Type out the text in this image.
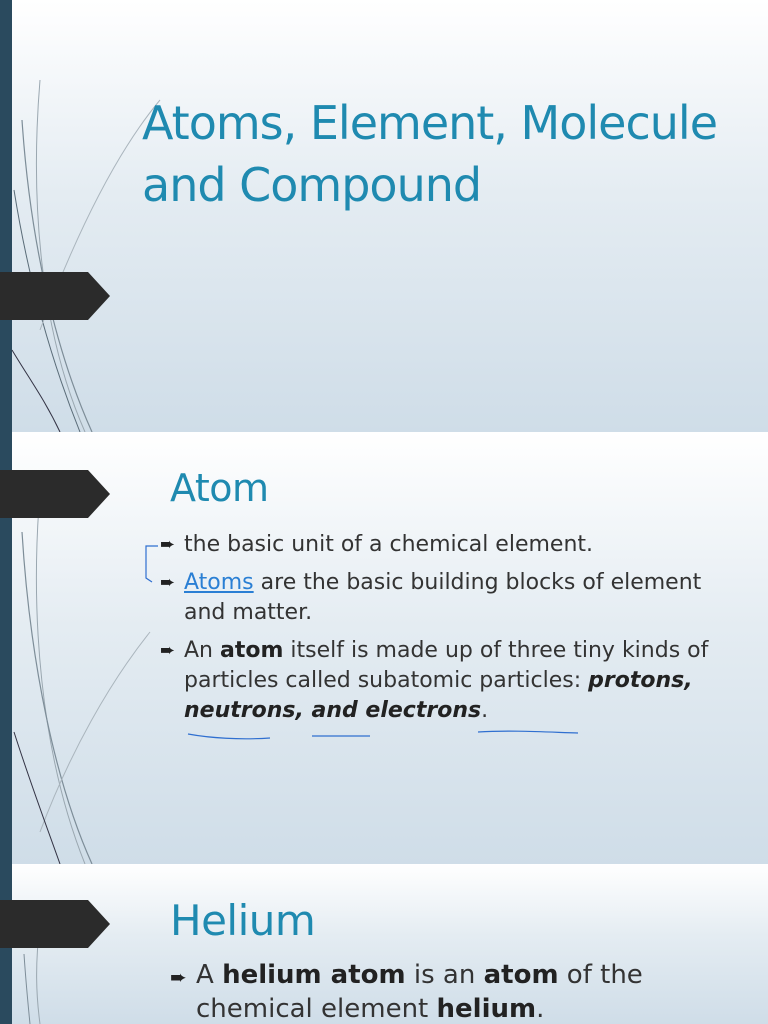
Atoms, Element, Molecule and Compound
Atom
➨ the basic unit of a chemical element.
➨ Atoms are the basic building blocks of element and matter.
➨ An atom itself is made up of three tiny kinds of particles called subatomic particles: protons, neutrons, and electrons.
Helium
➨ A helium atom is an atom of the chemical element helium.
